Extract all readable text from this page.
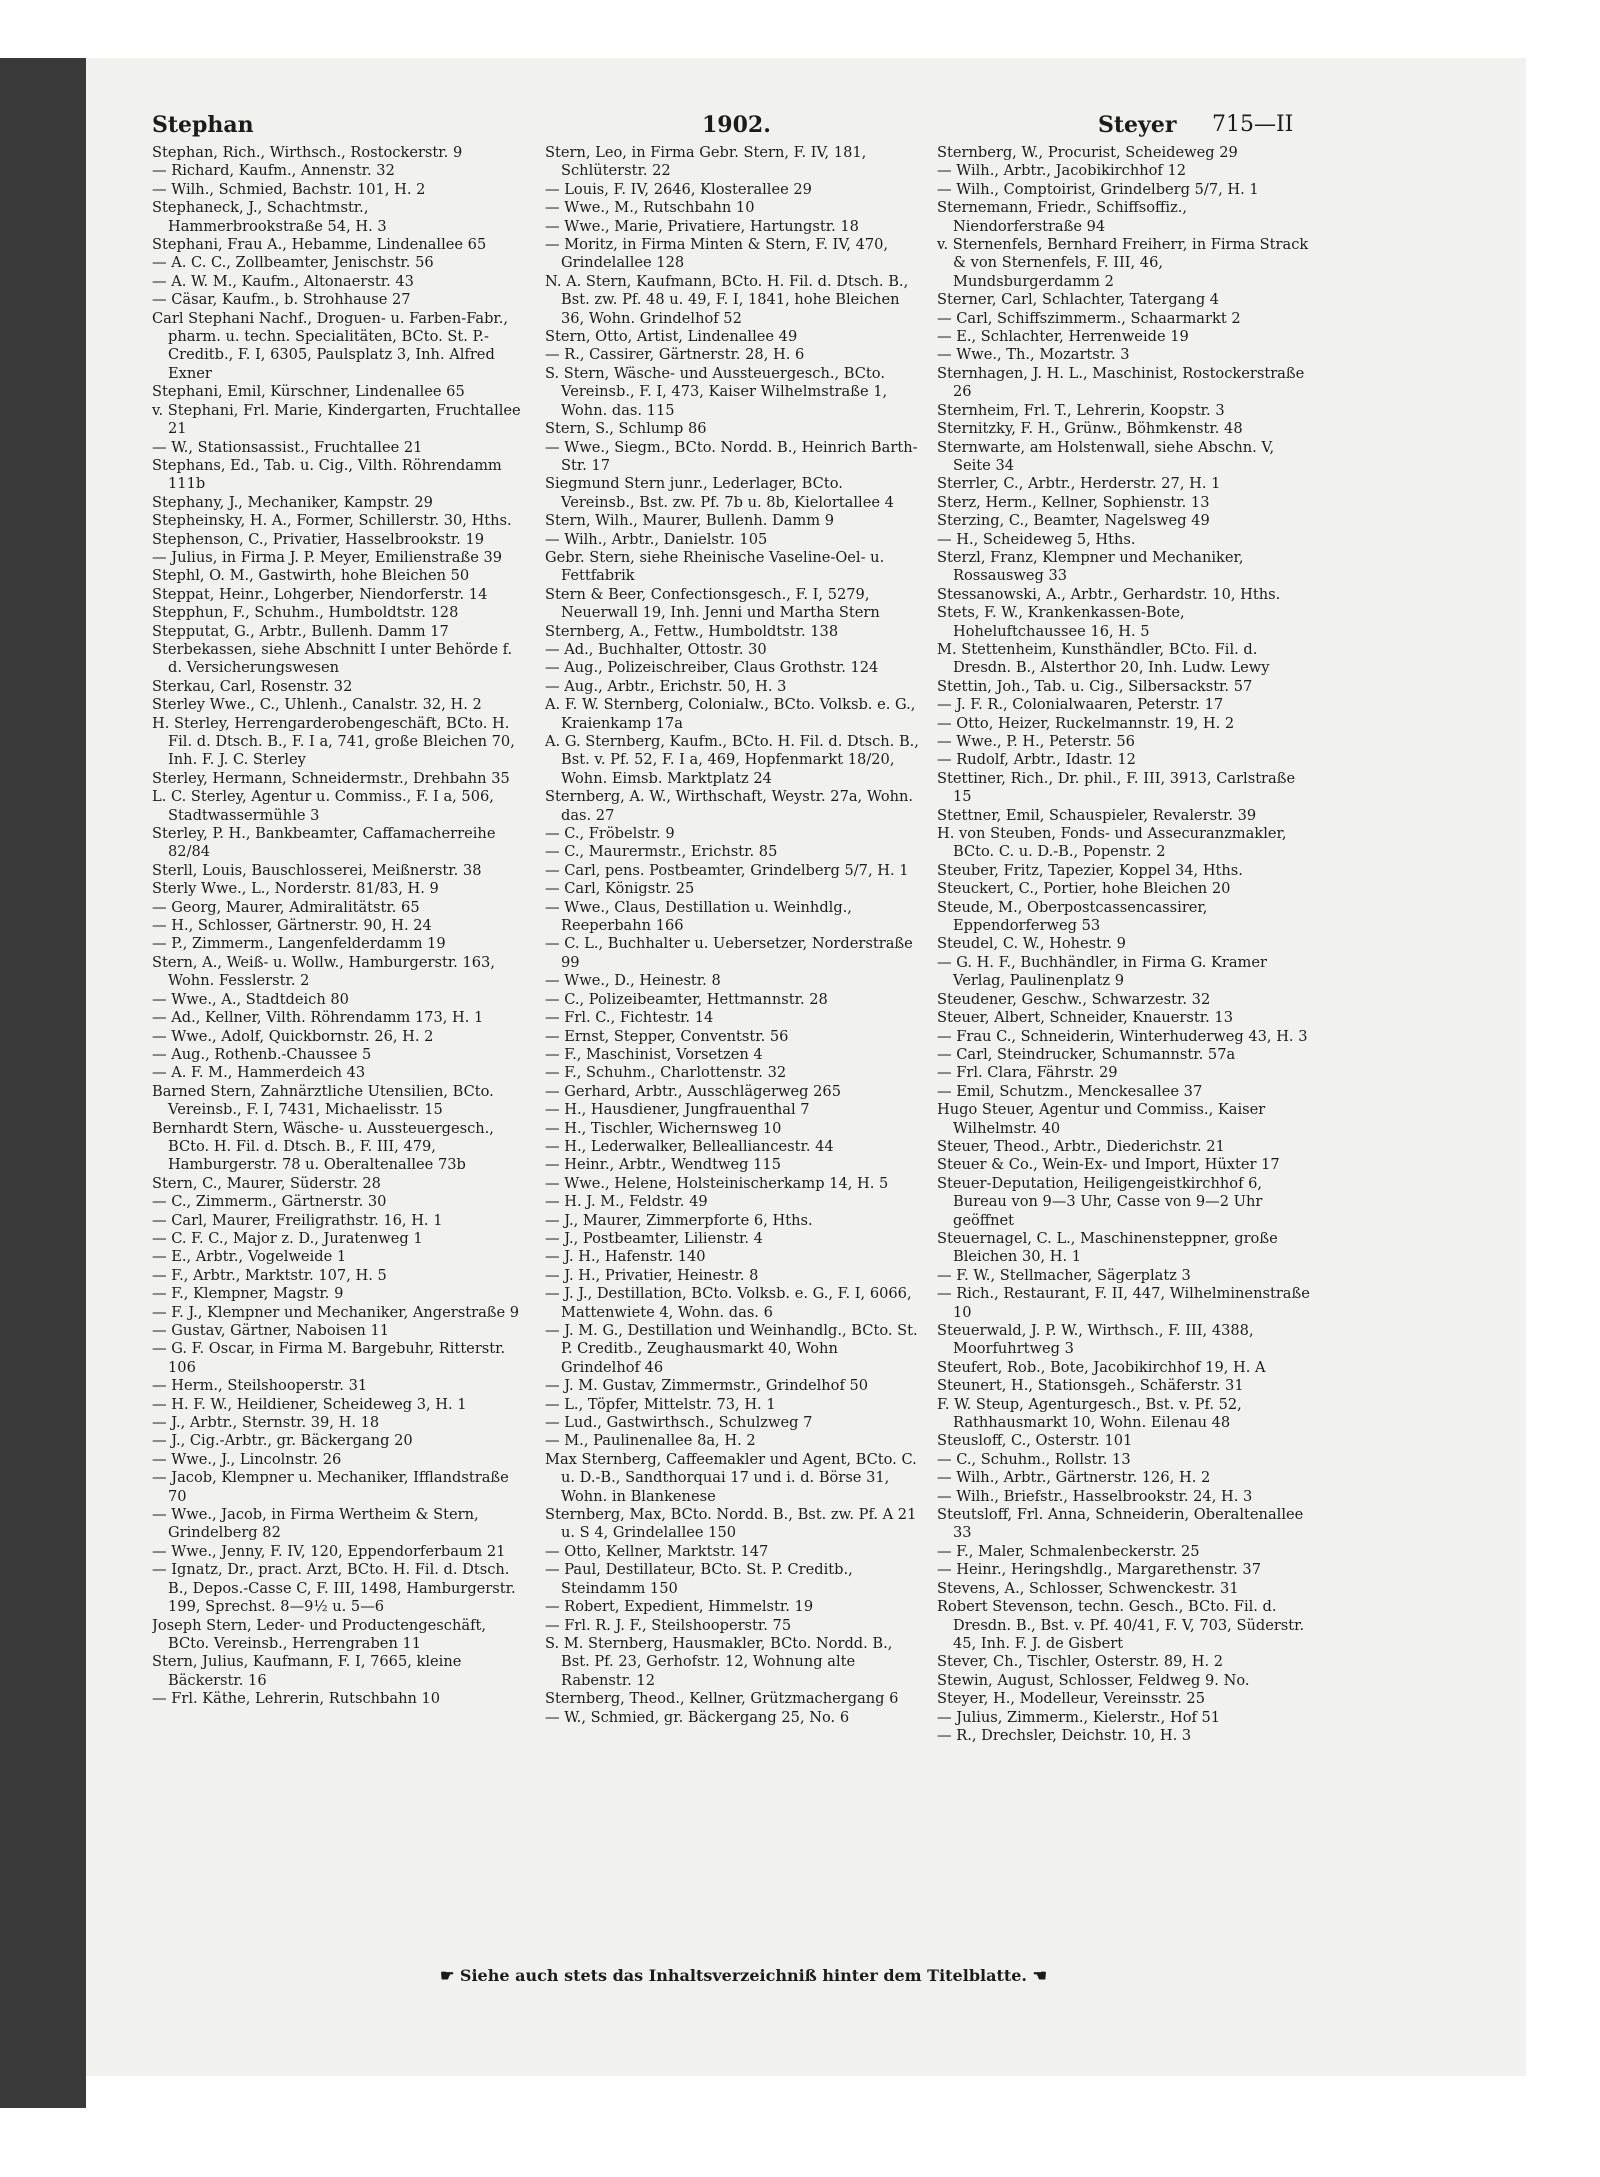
Stephan	1902.	Steyer 715—II

Stephan, Rich., Wirthsch., Rostockerstr. 9

— Richard, Kaufm., Annenstr. 32

— Wilh., Schmied, Bachstr. 101, H. 2

Stephaneck, J., Schachtmstr., Hammerbrookstraße 54, H. 3

Stephani, Frau A., Hebamme, Lindenallee 65

— A. C. C., Zollbeamter, Jenischstr. 56

— A. W. M., Kaufm., Altonaerstr. 43

— Cäsar, Kaufm., b. Strohhause 27

Carl Stephani Nachf., Droguen- u. Farben-Fabr., pharm. u. techn. Specialitäten, BCto. St. P.-Creditb., F. I, 6305, Paulsplatz 3, Inh. Alfred Exner

Stephani, Emil, Kürschner, Lindenallee 65

v. Stephani, Frl. Marie, Kindergarten, Fruchtallee 21

— W., Stationsassist., Fruchtallee 21

Stephans, Ed., Tab. u. Cig., Vilth. Röhrendamm 111b

Stephany, J., Mechaniker, Kampstr. 29

Stepheinsky, H. A., Former, Schillerstr. 30, Hths.

Stephenson, C., Privatier, Hasselbrookstr. 19

— Julius, in Firma J. P. Meyer, Emilienstraße 39

Stephl, O. M., Gastwirth, hohe Bleichen 50

Steppat, Heinr., Lohgerber, Niendorferstr. 14

Stepphun, F., Schuhm., Humboldtstr. 128

Stepputat, G., Arbtr., Bullenh. Damm 17

Sterbekassen, siehe Abschnitt I unter Behörde f. d. Versicherungswesen

Sterkau, Carl, Rosenstr. 32

Sterley Wwe., C., Uhlenh., Canalstr. 32, H. 2

H. Sterley, Herrengarderobengeschäft, BCto. H. Fil. d. Dtsch. B., F. I a, 741, große Bleichen 70, Inh. F. J. C. Sterley

Sterley, Hermann, Schneidermstr., Drehbahn 35

L. C. Sterley, Agentur u. Commiss., F. I a, 506, Stadtwassermühle 3

Sterley, P. H., Bankbeamter, Caffamacherreihe 82/84

Sterll, Louis, Bauschlosserei, Meißnerstr. 38

Sterly Wwe., L., Norderstr. 81/83, H. 9

— Georg, Maurer, Admiralitätstr. 65

— H., Schlosser, Gärtnerstr. 90, H. 24

— P., Zimmerm., Langenfelderdamm 19

Stern, A., Weiß- u. Wollw., Hamburgerstr. 163, Wohn. Fesslerstr. 2

— Wwe., A., Stadtdeich 80

— Ad., Kellner, Vilth. Röhrendamm 173, H. 1

— Wwe., Adolf, Quickbornstr. 26, H. 2

— Aug., Rothenb.-Chaussee 5

— A. F. M., Hammerdeich 43

Barned Stern, Zahnärztliche Utensilien, BCto. Vereinsb., F. I, 7431, Michaelisstr. 15

Bernhardt Stern, Wäsche- u. Aussteuergesch., BCto. H. Fil. d. Dtsch. B., F. III, 479, Hamburgerstr. 78 u. Oberaltenallee 73b

Stern, C., Maurer, Süderstr. 28

— C., Zimmerm., Gärtnerstr. 30

— Carl, Maurer, Freiligrathstr. 16, H. 1

— C. F. C., Major z. D., Juratenweg 1

— E., Arbtr., Vogelweide 1

— F., Arbtr., Marktstr. 107, H. 5

— F., Klempner, Magstr. 9

— F. J., Klempner und Mechaniker, Angerstraße 9

— Gustav, Gärtner, Naboisen 11

— G. F. Oscar, in Firma M. Bargebuhr, Ritterstr. 106

— Herm., Steilshooperstr. 31

— H. F. W., Heildiener, Scheideweg 3, H. 1

— J., Arbtr., Sternstr. 39, H. 18

— J., Cig.-Arbtr., gr. Bäckergang 20

— Wwe., J., Lincolnstr. 26

— Jacob, Klempner u. Mechaniker, Ifflandstraße 70

— Wwe., Jacob, in Firma Wertheim & Stern, Grindelberg 82

— Wwe., Jenny, F. IV, 120, Eppendorferbaum 21

— Ignatz, Dr., pract. Arzt, BCto. H. Fil. d. Dtsch. B., Depos.-Casse C, F. III, 1498, Hamburgerstr. 199, Sprechst. 8—9½ u. 5—6

Joseph Stern, Leder- und Productengeschäft, BCto. Vereinsb., Herrengraben 11

Stern, Julius, Kaufmann, F. I, 7665, kleine Bäckerstr. 16

— Frl. Käthe, Lehrerin, Rutschbahn 10

Stern, Leo, in Firma Gebr. Stern, F. IV, 181, Schlüterstr. 22

— Louis, F. IV, 2646, Klosterallee 29

— Wwe., M., Rutschbahn 10

— Wwe., Marie, Privatiere, Hartungstr. 18

— Moritz, in Firma Minten & Stern, F. IV, 470, Grindelallee 128

N. A. Stern, Kaufmann, BCto. H. Fil. d. Dtsch. B., Bst. zw. Pf. 48 u. 49, F. I, 1841, hohe Bleichen 36, Wohn. Grindelhof 52

Stern, Otto, Artist, Lindenallee 49

— R., Cassirer, Gärtnerstr. 28, H. 6

S. Stern, Wäsche- und Aussteuergesch., BCto. Vereinsb., F. I, 473, Kaiser Wilhelmstraße 1, Wohn. das. 115

Stern, S., Schlump 86

— Wwe., Siegm., BCto. Nordd. B., Heinrich Barth-Str. 17

Siegmund Stern junr., Lederlager, BCto. Vereinsb., Bst. zw. Pf. 7b u. 8b, Kielortallee 4

Stern, Wilh., Maurer, Bullenh. Damm 9

— Wilh., Arbtr., Danielstr. 105

Gebr. Stern, siehe Rheinische Vaseline-Oel- u. Fettfabrik

Stern & Beer, Confectionsgesch., F. I, 5279, Neuerwall 19, Inh. Jenni und Martha Stern

Sternberg, A., Fettw., Humboldtstr. 138

— Ad., Buchhalter, Ottostr. 30

— Aug., Polizeischreiber, Claus Grothstr. 124

— Aug., Arbtr., Erichstr. 50, H. 3

A. F. W. Sternberg, Colonialw., BCto. Volksb. e. G., Kraienkamp 17a

A. G. Sternberg, Kaufm., BCto. H. Fil. d. Dtsch. B., Bst. v. Pf. 52, F. I a, 469, Hopfenmarkt 18/20, Wohn. Eimsb. Marktplatz 24

Sternberg, A. W., Wirthschaft, Weystr. 27a, Wohn. das. 27

— C., Fröbelstr. 9

— C., Maurermstr., Erichstr. 85

— Carl, pens. Postbeamter, Grindelberg 5/7, H. 1

— Carl, Königstr. 25

— Wwe., Claus, Destillation u. Weinhdlg., Reeperbahn 166

— C. L., Buchhalter u. Uebersetzer, Norderstraße 99

— Wwe., D., Heinestr. 8

— C., Polizeibeamter, Hettmannstr. 28

— Frl. C., Fichtestr. 14

— Ernst, Stepper, Conventstr. 56

— F., Maschinist, Vorsetzen 4

— F., Schuhm., Charlottenstr. 32

— Gerhard, Arbtr., Ausschlägerweg 265

— H., Hausdiener, Jungfrauenthal 7

— H., Tischler, Wichernsweg 10

— H., Lederwalker, Bellealliancestr. 44

— Heinr., Arbtr., Wendtweg 115

— Wwe., Helene, Holsteinischerkamp 14, H. 5

— H. J. M., Feldstr. 49

— J., Maurer, Zimmerpforte 6, Hths.

— J., Postbeamter, Lilienstr. 4

— J. H., Hafenstr. 140

— J. H., Privatier, Heinestr. 8

— J. J., Destillation, BCto. Volksb. e. G., F. I, 6066, Mattenwiete 4, Wohn. das. 6

— J. M. G., Destillation und Weinhandlg., BCto. St. P. Creditb., Zeughausmarkt 40, Wohn Grindelhof 46

— J. M. Gustav, Zimmermstr., Grindelhof 50

— L., Töpfer, Mittelstr. 73, H. 1

— Lud., Gastwirthsch., Schulzweg 7

— M., Paulinenallee 8a, H. 2

Max Sternberg, Caffeemakler und Agent, BCto. C. u. D.-B., Sandthorquai 17 und i. d. Börse 31, Wohn. in Blankenese

Sternberg, Max, BCto. Nordd. B., Bst. zw. Pf. A 21 u. S 4, Grindelallee 150

— Otto, Kellner, Marktstr. 147

— Paul, Destillateur, BCto. St. P. Creditb., Steindamm 150

— Robert, Expedient, Himmelstr. 19

— Frl. R. J. F., Steilshooperstr. 75

S. M. Sternberg, Hausmakler, BCto. Nordd. B., Bst. Pf. 23, Gerhofstr. 12, Wohnung alte Rabenstr. 12

Sternberg, Theod., Kellner, Grützmachergang 6

— W., Schmied, gr. Bäckergang 25, No. 6

Sternberg, W., Procurist, Scheideweg 29

— Wilh., Arbtr., Jacobikirchhof 12

— Wilh., Comptoirist, Grindelberg 5/7, H. 1

Sternemann, Friedr., Schiffsoffiz., Niendorferstraße 94

v. Sternenfels, Bernhard Freiherr, in Firma Strack & von Sternenfels, F. III, 46, Mundsburgerdamm 2

Sterner, Carl, Schlachter, Tatergang 4

— Carl, Schiffszimmerm., Schaarmarkt 2

— E., Schlachter, Herrenweide 19

— Wwe., Th., Mozartstr. 3

Sternhagen, J. H. L., Maschinist, Rostockerstraße 26

Sternheim, Frl. T., Lehrerin, Koopstr. 3

Sternitzky, F. H., Grünw., Böhmkenstr. 48

Sternwarte, am Holstenwall, siehe Abschn. V, Seite 34

Sterrler, C., Arbtr., Herderstr. 27, H. 1

Sterz, Herm., Kellner, Sophienstr. 13

Sterzing, C., Beamter, Nagelsweg 49

— H., Scheideweg 5, Hths.

Sterzl, Franz, Klempner und Mechaniker, Rossausweg 33

Stessanowski, A., Arbtr., Gerhardstr. 10, Hths.

Stets, F. W., Krankenkassen-Bote, Hoheluftchaussee 16, H. 5

M. Stettenheim, Kunsthändler, BCto. Fil. d. Dresdn. B., Alsterthor 20, Inh. Ludw. Lewy

Stettin, Joh., Tab. u. Cig., Silbersackstr. 57

— J. F. R., Colonialwaaren, Peterstr. 17

— Otto, Heizer, Ruckelmannstr. 19, H. 2

— Wwe., P. H., Peterstr. 56

— Rudolf, Arbtr., Idastr. 12

Stettiner, Rich., Dr. phil., F. III, 3913, Carlstraße 15

Stettner, Emil, Schauspieler, Revalerstr. 39

H. von Steuben, Fonds- und Assecuranzmakler, BCto. C. u. D.-B., Popenstr. 2

Steuber, Fritz, Tapezier, Koppel 34, Hths.

Steuckert, C., Portier, hohe Bleichen 20

Steude, M., Oberpostcassencassirer, Eppendorferweg 53

Steudel, C. W., Hohestr. 9

— G. H. F., Buchhändler, in Firma G. Kramer Verlag, Paulinenplatz 9

Steudener, Geschw., Schwarzestr. 32

Steuer, Albert, Schneider, Knauerstr. 13

— Frau C., Schneiderin, Winterhuderweg 43, H. 3

— Carl, Steindrucker, Schumannstr. 57a

— Frl. Clara, Fährstr. 29

— Emil, Schutzm., Menckesallee 37

Hugo Steuer, Agentur und Commiss., Kaiser Wilhelmstr. 40

Steuer, Theod., Arbtr., Diederichstr. 21

Steuer & Co., Wein-Ex- und Import, Hüxter 17

Steuer-Deputation, Heiligengeistkirchhof 6, Bureau von 9—3 Uhr, Casse von 9—2 Uhr geöffnet

Steuernagel, C. L., Maschinensteppner, große Bleichen 30, H. 1

— F. W., Stellmacher, Sägerplatz 3

— Rich., Restaurant, F. II, 447, Wilhelminenstraße 10

Steuerwald, J. P. W., Wirthsch., F. III, 4388, Moorfuhrtweg 3

Steufert, Rob., Bote, Jacobikirchhof 19, H. A

Steunert, H., Stationsgeh., Schäferstr. 31

F. W. Steup, Agenturgesch., Bst. v. Pf. 52, Rathhausmarkt 10, Wohn. Eilenau 48

Steusloff, C., Osterstr. 101

— C., Schuhm., Rollstr. 13

— Wilh., Arbtr., Gärtnerstr. 126, H. 2

— Wilh., Briefstr., Hasselbrookstr. 24, H. 3

Steutsloff, Frl. Anna, Schneiderin, Oberaltenallee 33

— F., Maler, Schmalenbeckerstr. 25

— Heinr., Heringshdlg., Margarethenstr. 37

Stevens, A., Schlosser, Schwenckestr. 31

Robert Stevenson, techn. Gesch., BCto. Fil. d. Dresdn. B., Bst. v. Pf. 40/41, F. V, 703, Süderstr. 45, Inh. F. J. de Gisbert

Stever, Ch., Tischler, Osterstr. 89, H. 2

Stewin, August, Schlosser, Feldweg 9. No.

Steyer, H., Modelleur, Vereinsstr. 25

— Julius, Zimmerm., Kielerstr., Hof 51

— R., Drechsler, Deichstr. 10, H. 3

☛ Siehe auch stets das Inhaltsverzeichniß hinter dem Titelblatte. ☚
